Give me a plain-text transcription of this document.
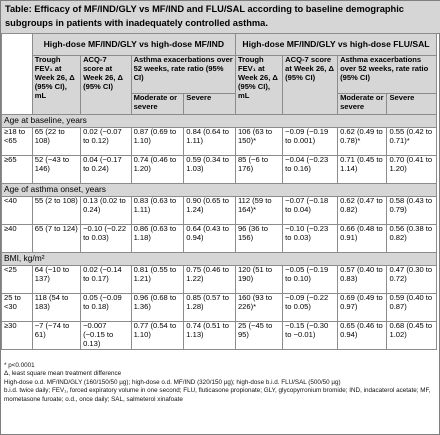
Table: Efficacy of MF/IND/GLY vs MF/IND and FLU/SAL according to baseline demographic subgroups in patients with inadequately controlled asthma.
	High-dose MF/IND/GLY vs high-dose MF/IND				High-dose MF/IND/GLY vs high-dose FLU/SAL			
	Trough FEV₁ at Week 26, Δ (95% CI), mL	ACQ-7 score at Week 26, Δ (95% CI)	Asthma exacerbations over 52 weeks, rate ratio (95% CI)		Trough FEV₁ at Week 26, Δ (95% CI), mL	ACQ-7 score at Week 26, Δ (95% CI)	Asthma exacerbations over 52 weeks, rate ratio (95% CI)	
			Moderate or severe	Severe			Moderate or severe	Severe
Age at baseline, years								
≥18 to <65	65 (22 to 108)	0.02 (−0.07 to 0.12)	0.87 (0.69 to 1.10)	0.84 (0.64 to 1.11)	106 (63 to 150)*	−0.09 (−0.19 to 0.001)	0.62 (0.49 to 0.78)*	0.55 (0.42 to 0.71)*
≥65	52 (−43 to 146)	0.04 (−0.17 to 0.24)	0.74 (0.46 to 1.20)	0.59 (0.34 to 1.03)	85 (−6 to 176)	−0.04 (−0.23 to 0.16)	0.71 (0.45 to 1.14)	0.70 (0.41 to 1.20)
Age of asthma onset, years								
<40	55 (2 to 108)	0.13 (0.02 to 0.24)	0.83 (0.63 to 1.11)	0.90 (0.65 to 1.24)	112 (59 to 164)*	−0.07 (−0.18 to 0.04)	0.62 (0.47 to 0.82)	0.58 (0.43 to 0.79)
≥40	65 (7 to 124)	−0.10 (−0.22 to 0.03)	0.86 (0.63 to 1.18)	0.64 (0.43 to 0.94)	96 (36 to 156)	−0.10 (−0.23 to 0.03)	0.66 (0.48 to 0.91)	0.56 (0.38 to 0.82)
BMI, kg/m²								
<25	64 (−10 to 137)	0.02 (−0.14 to 0.17)	0.81 (0.55 to 1.21)	0.75 (0.46 to 1.22)	120 (51 to 190)	−0.05 (−0.19 to 0.10)	0.57 (0.40 to 0.83)	0.47 (0.30 to 0.72)
25 to <30	118 (54 to 183)	0.05 (−0.09 to 0.18)	0.96 (0.68 to 1.36)	0.85 (0.57 to 1.28)	160 (93 to 226)*	−0.09 (−0.22 to 0.05)	0.69 (0.49 to 0.97)	0.59 (0.40 to 0.87)
≥30	−7 (−74 to 61)	−0.007 (−0.15 to 0.13)	0.77 (0.54 to 1.10)	0.74 (0.51 to 1.13)	25 (−45 to 95)	−0.15 (−0.30 to −0.01)	0.65 (0.46 to 0.94)	0.68 (0.45 to 1.02)
* p<0.0001
Δ, least square mean treatment difference
High-dose o.d. MF/IND/GLY (160/150/50 µg); high-dose o.d. MF/IND (320/150 µg); high-dose b.i.d. FLU/SAL (500/50 µg)
b.i.d. twice daily; FEV₁, forced expiratory volume in one second; FLU, fluticasone propionate; GLY, glycopyrronium bromide; IND, indacaterol acetate; MF, mometasone furoate; o.d., once daily; SAL, salmeterol xinafoate
